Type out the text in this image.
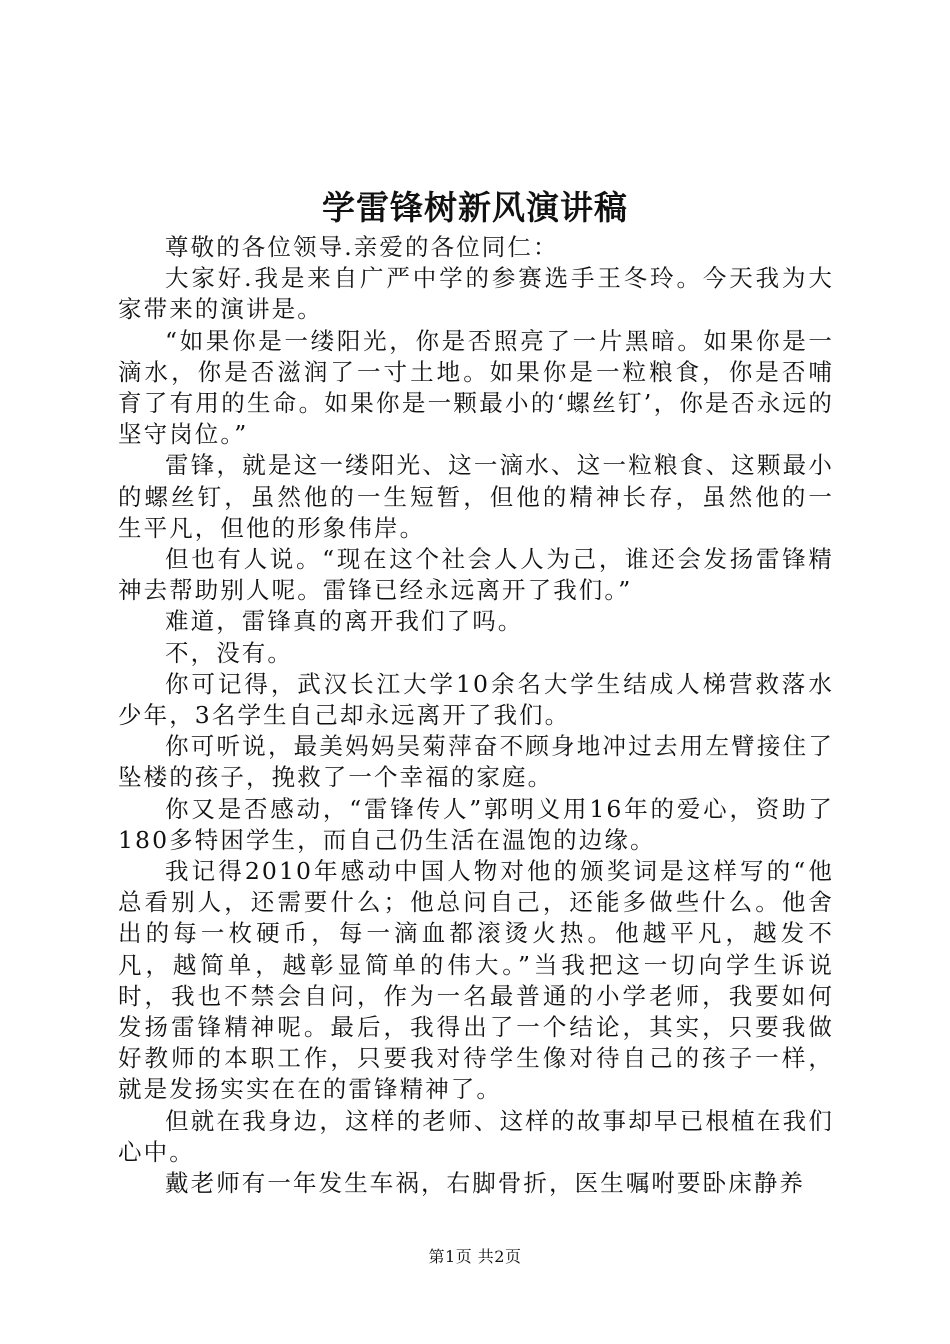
学雷锋树新风演讲稿

尊敬的各位领导.亲爱的各位同仁：

大家好.我是来自广严中学的参赛选手王冬玲。今天我为大家带来的演讲是。

“如果你是一缕阳光，你是否照亮了一片黑暗。如果你是一滴水，你是否滋润了一寸土地。如果你是一粒粮食，你是否哺育了有用的生命。如果你是一颗最小的‘螺丝钉’，你是否永远的坚守岗位。”

雷锋，就是这一缕阳光、这一滴水、这一粒粮食、这颗最小的螺丝钉，虽然他的一生短暂，但他的精神长存，虽然他的一生平凡，但他的形象伟岸。

但也有人说。“现在这个社会人人为己，谁还会发扬雷锋精神去帮助别人呢。雷锋已经永远离开了我们。”

难道，雷锋真的离开我们了吗。

不，没有。

你可记得，武汉长江大学10余名大学生结成人梯营救落水少年，3名学生自己却永远离开了我们。

你可听说，最美妈妈吴菊萍奋不顾身地冲过去用左臂接住了坠楼的孩子，挽救了一个幸福的家庭。

你又是否感动，“雷锋传人”郭明义用16年的爱心，资助了180多特困学生，而自己仍生活在温饱的边缘。

我记得2010年感动中国人物对他的颁奖词是这样写的“他总看别人，还需要什么；他总问自己，还能多做些什么。他舍出的每一枚硬币，每一滴血都滚烫火热。他越平凡，越发不凡，越简单，越彰显简单的伟大。”当我把这一切向学生诉说时，我也不禁会自问，作为一名最普通的小学老师，我要如何发扬雷锋精神呢。最后，我得出了一个结论，其实，只要我做好教师的本职工作，只要我对待学生像对待自己的孩子一样，就是发扬实实在在的雷锋精神了。

但就在我身边，这样的老师、这样的故事却早已根植在我们心中。

戴老师有一年发生车祸，右脚骨折，医生嘱咐要卧床静养

第1页 共2页
